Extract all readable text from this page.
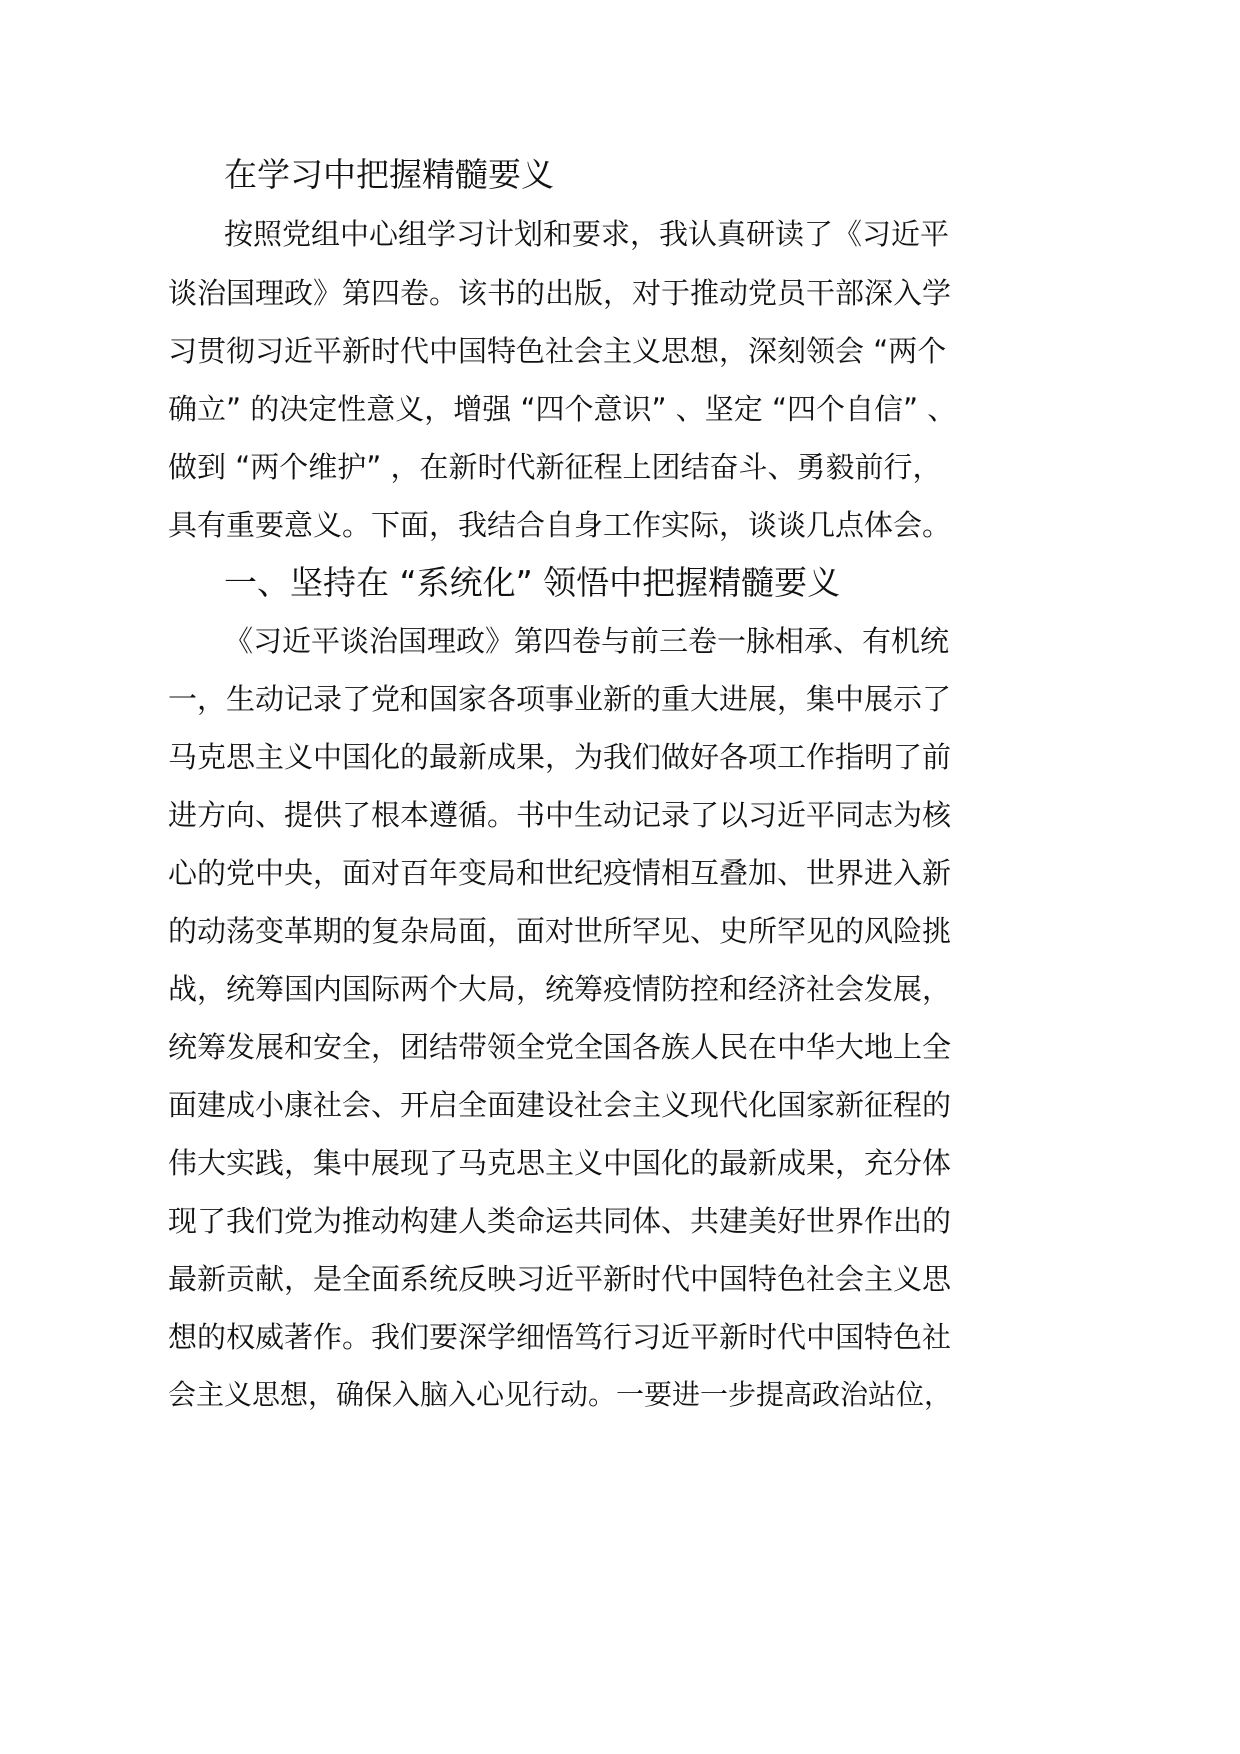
在学习中把握精髓要义
按照党组中心组学习计划和要求，我认真研读了《习近平
谈治国理政》第四卷。该书的出版，对于推动党员干部深入学
习贯彻习近平新时代中国特色社会主义思想，深刻领会 “两个
确立” 的决定性意义，增强 “四个意识” 、坚定 “四个自信” 、
做到 “两个维护” ，在新时代新征程上团结奋斗、勇毅前行，
具有重要意义。下面，我结合自身工作实际，谈谈几点体会。
一、坚持在 “系统化” 领悟中把握精髓要义
《习近平谈治国理政》第四卷与前三卷一脉相承、有机统
一，生动记录了党和国家各项事业新的重大进展，集中展示了
马克思主义中国化的最新成果，为我们做好各项工作指明了前
进方向、提供了根本遵循。书中生动记录了以习近平同志为核
心的党中央，面对百年变局和世纪疫情相互叠加、世界进入新
的动荡变革期的复杂局面，面对世所罕见、史所罕见的风险挑
战，统筹国内国际两个大局，统筹疫情防控和经济社会发展，
统筹发展和安全，团结带领全党全国各族人民在中华大地上全
面建成小康社会、开启全面建设社会主义现代化国家新征程的
伟大实践，集中展现了马克思主义中国化的最新成果，充分体
现了我们党为推动构建人类命运共同体、共建美好世界作出的
最新贡献，是全面系统反映习近平新时代中国特色社会主义思
想的权威著作。我们要深学细悟笃行习近平新时代中国特色社
会主义思想，确保入脑入心见行动。一要进一步提高政治站位，
